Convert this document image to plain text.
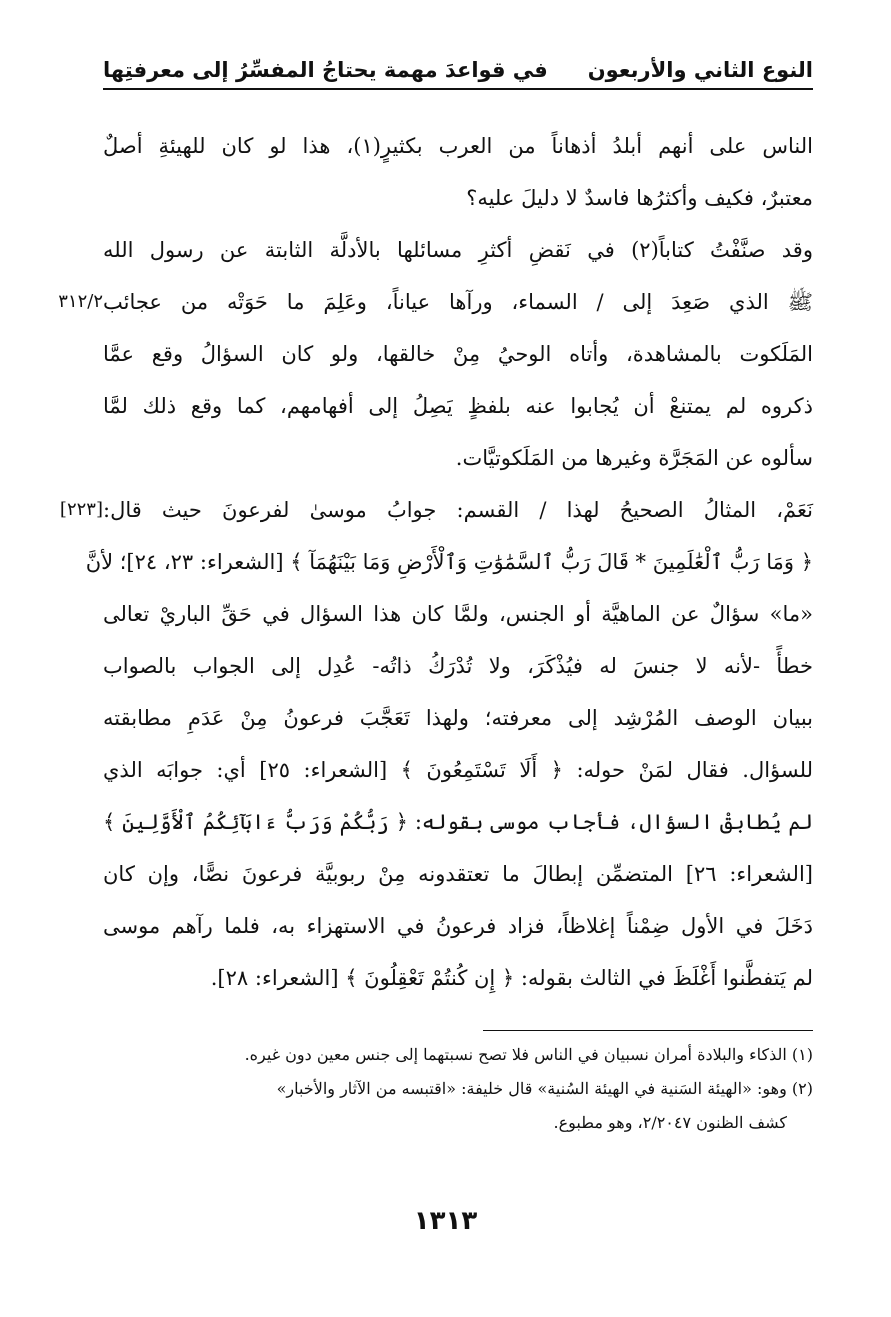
النوع الثاني والأربعون
في قواعدَ مهمة يحتاجُ المفسِّرُ إلى معرفتِها
الناس على أنهم أبلدُ أذهاناً من العرب بكثيرٍ(١)، هذا لو كان للهيئةِ أصلٌ
معتبرٌ، فكيف وأكثرُها فاسدٌ لا دليلَ عليه؟
وقد صنَّفْتُ كتاباً(٢) في نَقضِ أكثرِ مسائلها بالأدلَّة الثابتة عن رسول الله
ﷺ الذي صَعِدَ إلى / السماء، ورآها عياناً، وعَلِمَ ما حَوَتْه من عجائب
٣١٢/٢
المَلَكوت بالمشاهدة، وأتاه الوحيُ مِنْ خالقها، ولو كان السؤالُ وقع عمَّا
ذكروه لم يمتنعْ أن يُجابوا عنه بلفظٍ يَصِلُ إلى أفهامهم، كما وقع ذلك لمَّا
سألوه عن المَجَرَّة وغيرها من المَلَكوتيَّات.
نَعَمْ، المثالُ الصحيحُ لهذا / القسم: جوابُ موسىٰ لفرعونَ حيث قال:
[٢٢٣]
﴿ وَمَا رَبُّ ٱلْعَٰلَمِينَ * قَالَ رَبُّ ٱلسَّمَٰوَٰتِ وَٱلْأَرْضِ وَمَا بَيْنَهُمَآ ﴾ [الشعراء: ٢٣، ٢٤]؛ لأنَّ
«ما» سؤالٌ عن الماهيَّة أو الجنس، ولمَّا كان هذا السؤال في حَقِّ الباريْ تعالى
خطأً -لأنه لا جنسَ له فيُذْكَرَ، ولا تُدْرَكُ ذاتُه- عُدِل إلى الجواب بالصواب
ببيان الوصف المُرْشِد إلى معرفته؛ ولهذا تَعَجَّبَ فرعونُ مِنْ عَدَمِ مطابقته
للسؤال. فقال لمَنْ حوله: ﴿ أَلَا تَسْتَمِعُونَ ﴾ [الشعراء: ٢٥] أي: جوابَه الذي
لم يُطابقْ السؤال، فأجاب موسى بقوله: ﴿ رَبُّكُمْ وَرَبُّ ءَابَآئِكُمُ ٱلْأَوَّلِينَ ﴾
[الشعراء: ٢٦] المتضمِّن إبطالَ ما تعتقدونه مِنْ ربوبيَّة فرعونَ نصًّا، وإن كان
دَخَلَ في الأول ضِمْناً إغلاظاً، فزاد فرعونُ في الاستهزاء به، فلما رآهم موسى
لم يَتفطَّنوا أَغْلَظَ في الثالث بقوله: ﴿ إِن كُنتُمْ تَعْقِلُونَ ﴾ [الشعراء: ٢٨].
(١) الذكاء والبلادة أمران نسبيان في الناس فلا تصح نسبتهما إلى جنس معين دون غيره.
(٢) وهو: «الهيئة السَنية في الهيئة السُنية» قال خليفة: «اقتبسه من الآثار والأخبار»
كشف الظنون ٢/٢٠٤٧، وهو مطبوع.
١٣١٣
